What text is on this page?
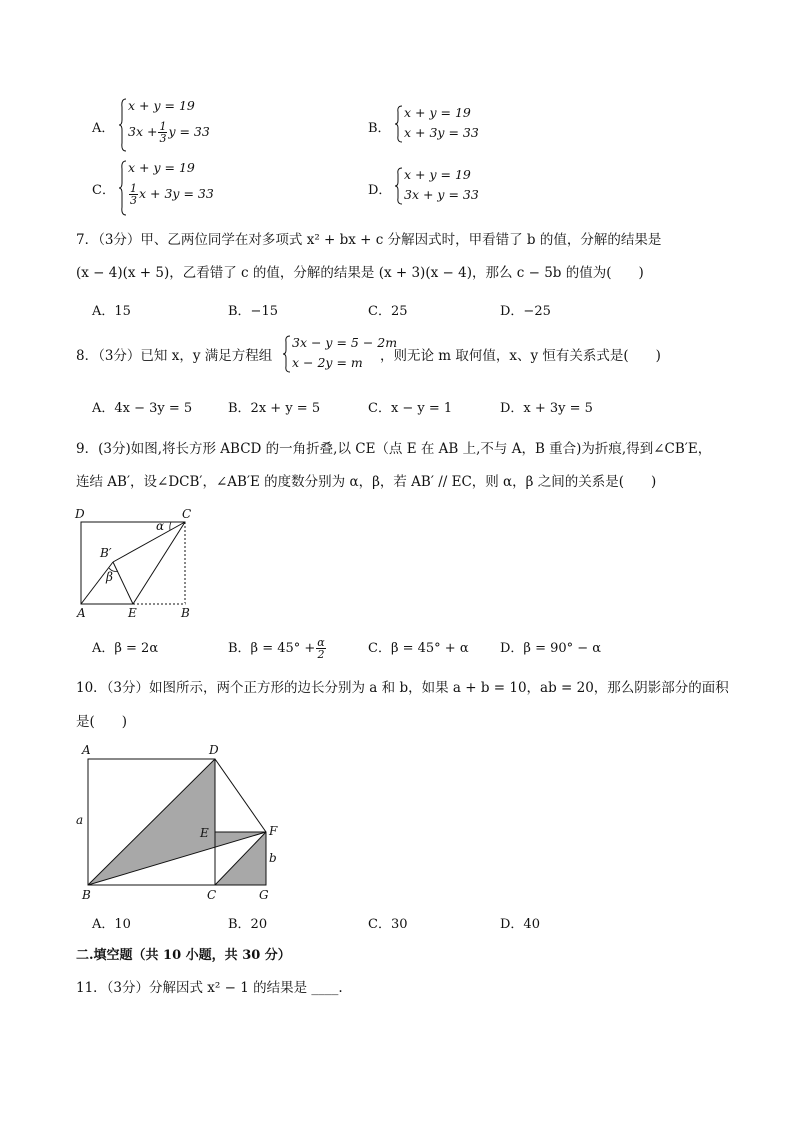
A．
x + y = 19
$3x + \frac{1}{3}$ y = 33	B．
x + y = 19
x + 3y = 33
C．
x + y = 19
$\frac{1}{3}$ x + 3y = 33	D．
x + y = 19
3x + y = 33
7．（3分）甲、乙两位同学在对多项式 x² + bx + c 分解因式时，甲看错了 b 的值，分解的结果是
(x − 4)(x + 5)，乙看错了 c 的值，分解的结果是 (x + 3)(x − 4)，那么 c − 5b 的值为(　　)
A．15	B．−15	C．25	D．−25
8．（3分）已知 x，y 满足方程组
3x − y = 5 − 2m
x − 2y = m ，则无论 m 取何值，x、y 恒有关系式是(　　)
A．4x − 3y = 5	B．2x + y = 5	C．x − y = 1	D．x + 3y = 5
9．(3分)如图,将长方形 ABCD 的一角折叠,以 CE（点 E 在 AB 上,不与 A，B 重合)为折痕,得到∠CB′E，
连结 AB′，设∠DCB′，∠AB′E 的度数分别为 α，β，若 AB′ // EC，则 α，β 之间的关系是(　　)
D	C
α
B′
β
A	E	B
A．β = 2α	B．$\beta = 45^\circ + \frac{\alpha}{2}$	C．β = 45° + α D．β = 90° − α
10．（3分）如图所示，两个正方形的边长分别为 a 和 b，如果 a + b = 10，ab = 20，那么阴影部分的面积
是(　　)
A	D
a
E	F
b
B	C	G
A．10	B．20	C．30	D．40
二.填空题（共 10 小题，共 30 分）
11．（3分）分解因式 x² − 1 的结果是 ____.
